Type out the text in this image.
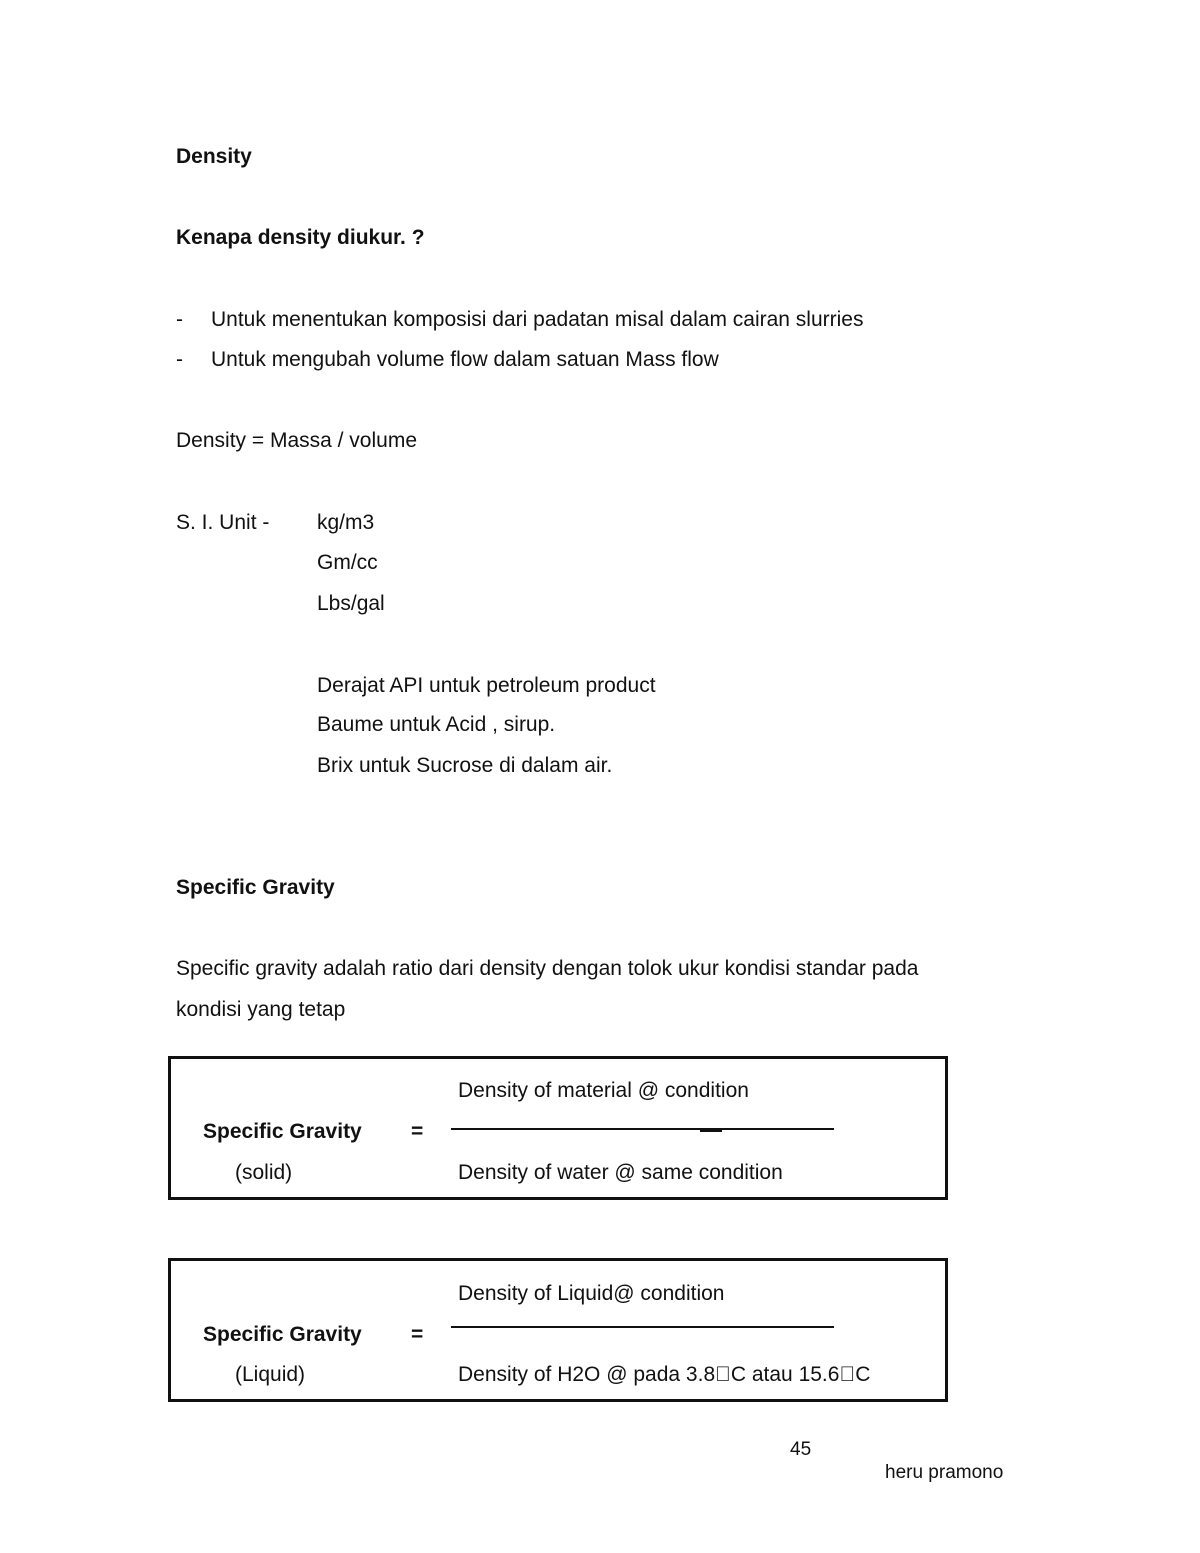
Density
Kenapa density diukur. ?
- Untuk menentukan komposisi dari padatan misal dalam cairan slurries
- Untuk mengubah volume flow dalam satuan Mass flow
Density = Massa / volume
S. I. Unit - kg/m3
Gm/cc
Lbs/gal
Derajat API untuk petroleum product
Baume untuk Acid , sirup.
Brix untuk Sucrose di dalam air.
Specific Gravity
Specific gravity adalah ratio dari density dengan tolok ukur kondisi standar pada
kondisi yang tetap
Density of material @ condition
Specific Gravity =
(solid)	Density of water @ same condition
Density of Liquid@ condition
Specific Gravity =
(Liquid)	Density of H2O @ pada 3.8 C atau 15.6 C
45
heru pramono
